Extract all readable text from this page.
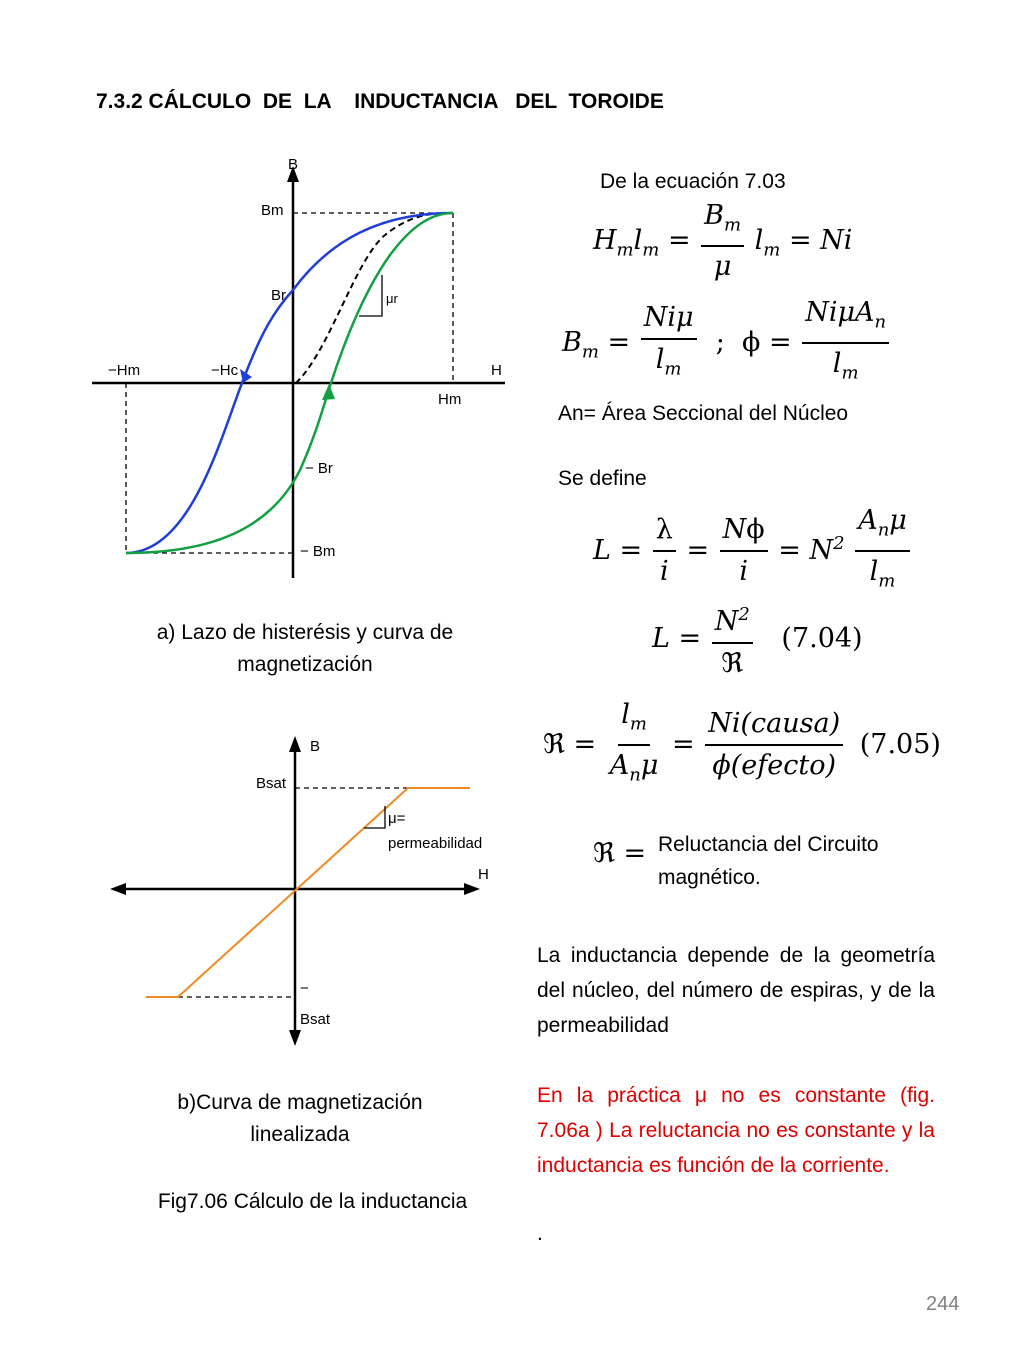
7.3.2 CÁLCULO  DE  LA    INDUCTANCIA   DEL  TOROIDE
B
Bm
Br	μr
−Hm	−Hc	H
Hm
− Br
− Bm
a) Lazo de histerésis y curva de magnetización
B
Bsat
μ=
permeabilidad
H
−
Bsat
b)Curva de magnetización linealizada
Fig7.06 Cálculo de la inductancia
De la ecuación 7.03
$H_ml_m = \frac{B_m}{\mu} l_m = Ni$
$B_m = \frac{\text{Niμ}}{l_m}$ ;  $\phi = \frac{Ni\mu A_n}{l_m}$
An= Área Seccional del Núcleo
Se define
$L = \frac{\lambda}{i} = \frac{N\phi}{i} = N^2 \frac{A_n\mu}{l_m}$
$L = \frac{N^2}{\text{ℜ}} (7.04)$
ℜ = $\frac{l_m}{A_n\mu} = \frac{\text{Ni(causa)}}{\text{ϕ(efecto)}} (7.05)$
ℜ = Reluctancia del Circuito magnético.
La inductancia depende de la geometría del núcleo, del número de espiras, y de la permeabilidad
En la práctica μ no es constante (fig. 7.06a ) La reluctancia no es constante y la inductancia es función de la corriente.
.
244
